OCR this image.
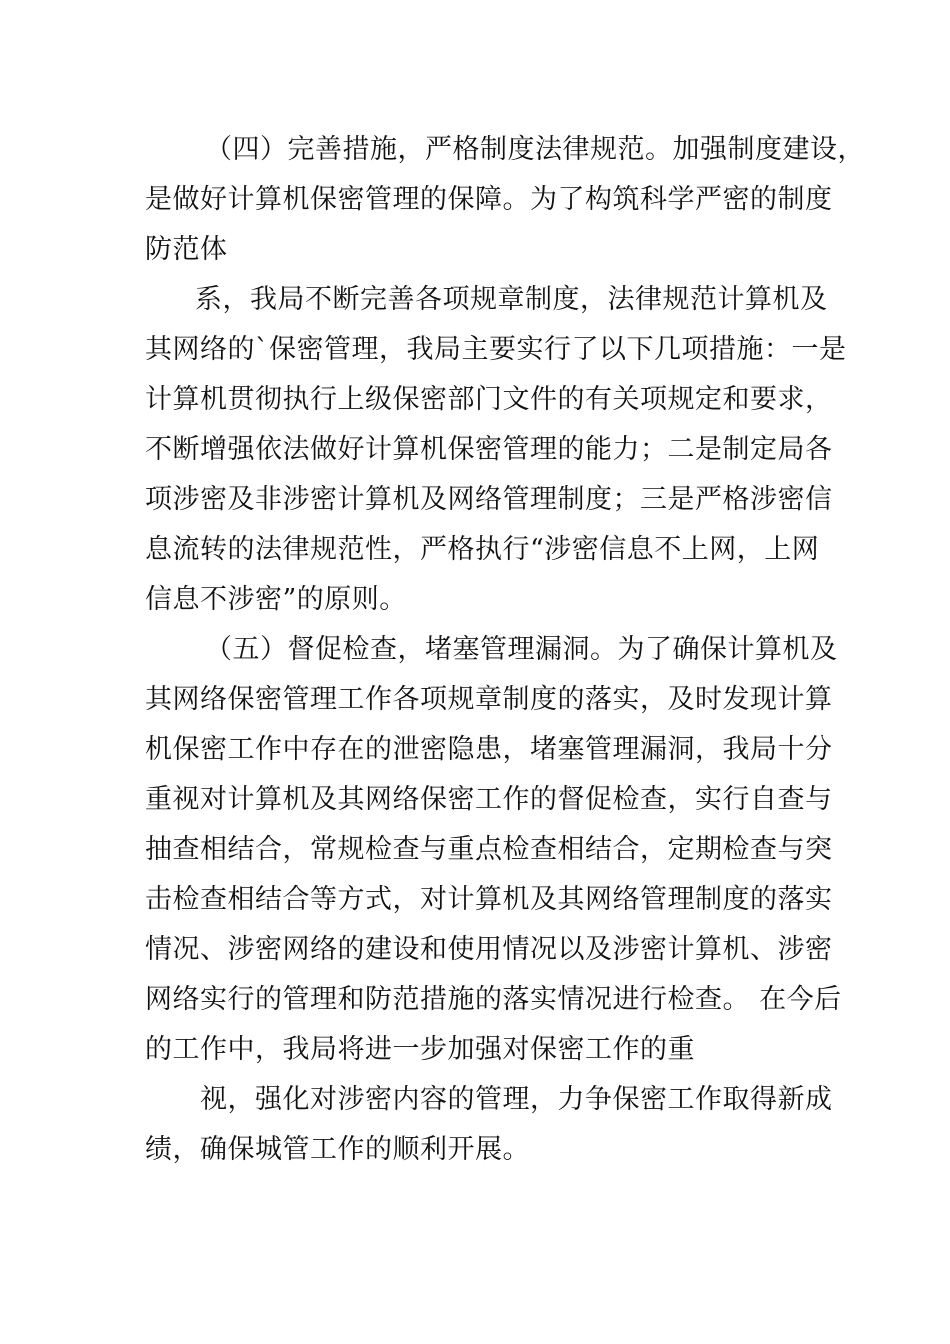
（四）完善措施，严格制度法律规范。加强制度建设，
是做好计算机保密管理的保障。为了构筑科学严密的制度
防范体
系，我局不断完善各项规章制度，法律规范计算机及
其网络的`保密管理，我局主要实行了以下几项措施：一是
计算机贯彻执行上级保密部门文件的有关项规定和要求，
不断增强依法做好计算机保密管理的能力；二是制定局各
项涉密及非涉密计算机及网络管理制度；三是严格涉密信
息流转的法律规范性，严格执行“涉密信息不上网，上网
信息不涉密”的原则。
（五）督促检查，堵塞管理漏洞。为了确保计算机及
其网络保密管理工作各项规章制度的落实，及时发现计算
机保密工作中存在的泄密隐患，堵塞管理漏洞，我局十分
重视对计算机及其网络保密工作的督促检查，实行自查与
抽查相结合，常规检查与重点检查相结合，定期检查与突
击检查相结合等方式，对计算机及其网络管理制度的落实
情况、涉密网络的建设和使用情况以及涉密计算机、涉密
网络实行的管理和防范措施的落实情况进行检查。 在今后
的工作中，我局将进一步加强对保密工作的重
视，强化对涉密内容的管理，力争保密工作取得新成
绩，确保城管工作的顺利开展。
